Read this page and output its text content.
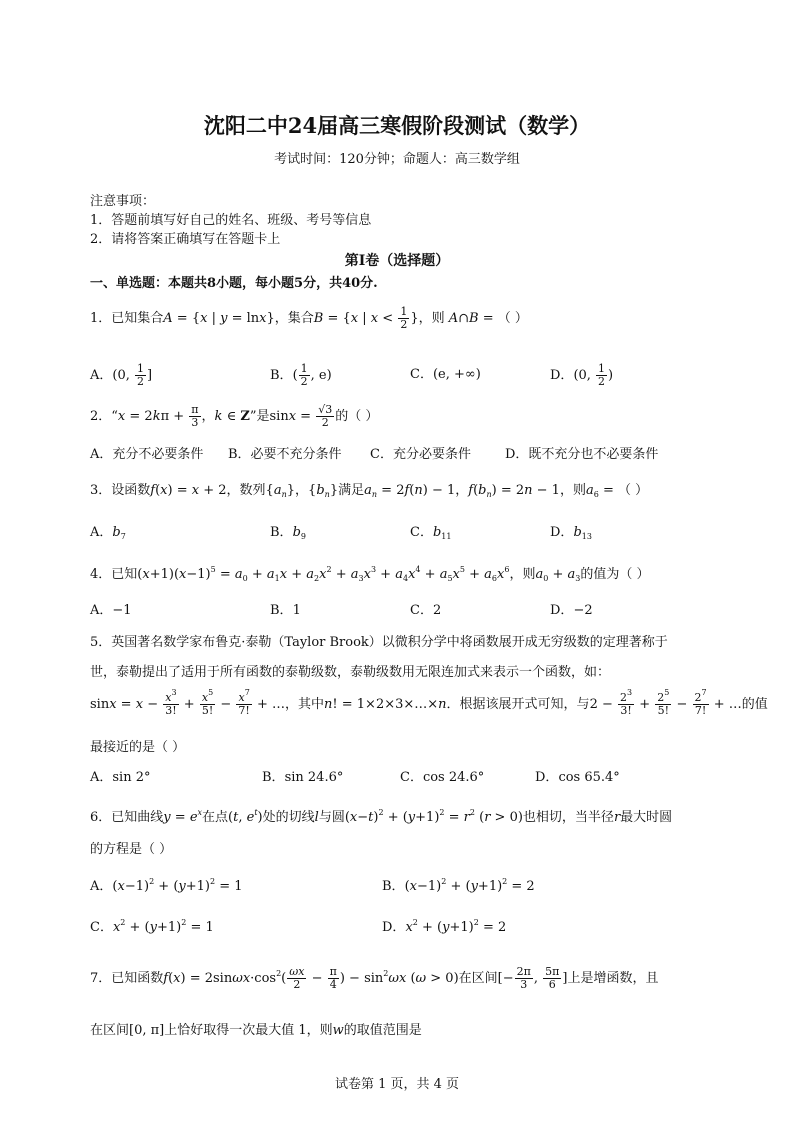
沈阳二中24届高三寒假阶段测试（数学）
考试时间：120分钟；命题人：高三数学组
注意事项：
1．答题前填写好自己的姓名、班级、考号等信息
2．请将答案正确填写在答题卡上
第Ⅰ卷（选择题）
一、单选题：本题共8小题，每小题5分，共40分.
1．已知集合A = {x | y = lnx}，集合B = {x | $x < \frac{1}{2}$ }，则 A∩B = （ ）
A．(0, $\frac{1}{2}$ ]	B．( $\frac{1}{2}$ , e)	C．(e, +∞)	D．(0, $\frac{1}{2}$ )
2．“$x = 2k\pi + \frac{\pi}{3}$ ，k ∈ Z”是$\sin x = \frac{√3}{2}$ 的（ ）
A．充分不必要条件 B．必要不充分条件 C．充分必要条件	D．既不充分也不必要条件
3．设函数f(x) = x + 2，数列$\{a_n\}$，$\{b_n\}$满足$a_n = 2f(n) - 1$，$f(b_n) = 2n - 1$，则$a_6$ = （ ）
A．$b_7$	B．$b_9$	C．$b_{11}$	D．$b_{13}$
4．已知$(x+1)(x-1)^5 = a_0 + a_1x + a_2x^2 + a_3x^3 + a_4x^4 + a_5x^5 + a_6x^6$，则$a_0 + a_3$的值为（ ）
A．−1	B．1	C．2	D．−2
5．英国著名数学家布鲁克·泰勒（Taylor Brook）以微积分学中将函数展开成无穷级数的定理著称于
世，泰勒提出了适用于所有函数的泰勒级数，泰勒级数用无限连加式来表示一个函数，如：
$\sin x = x - \frac{x^3}{3!} + \frac{x^5}{5!} - \frac{x^7}{7!}$ + …，其中n! = 1×2×3×…×n．根据该展开式可知，与$2 - \frac{2^3}{3!} + \frac{2^5}{5!} - \frac{2^7}{7!}$ + …的值
最接近的是（ ）
A．sin 2°	B．sin 24.6°	C．cos 24.6°	D．cos 65.4°
6．已知曲线$y = e^x$在点(t, $e^t$)处的切线l与圆$(x-t)^2 + (y+1)^2 = r^2$ (r > 0)也相切，当半径r最大时圆
的方程是（ ）
A．$(x-1)^2 + (y+1)^2 = 1$	B．$(x-1)^2 + (y+1)^2 = 2$
C．$x^2 + (y+1)^2 = 1$	D．$x^2 + (y+1)^2 = 2$
7．已知函数$f(x) = 2\sin\omega x\cdot\cos^2( \frac{\omega x}{2} - \frac{\pi}{4}$ ) − $\sin^2\omega x$ (ω > 0)在区间[− $\frac{2\pi}{3}$ , $\frac{5\pi}{6}$ ]上是增函数，且
在区间[0, π]上恰好取得一次最大值 1，则w的取值范围是
试卷第 1 页，共 4 页
